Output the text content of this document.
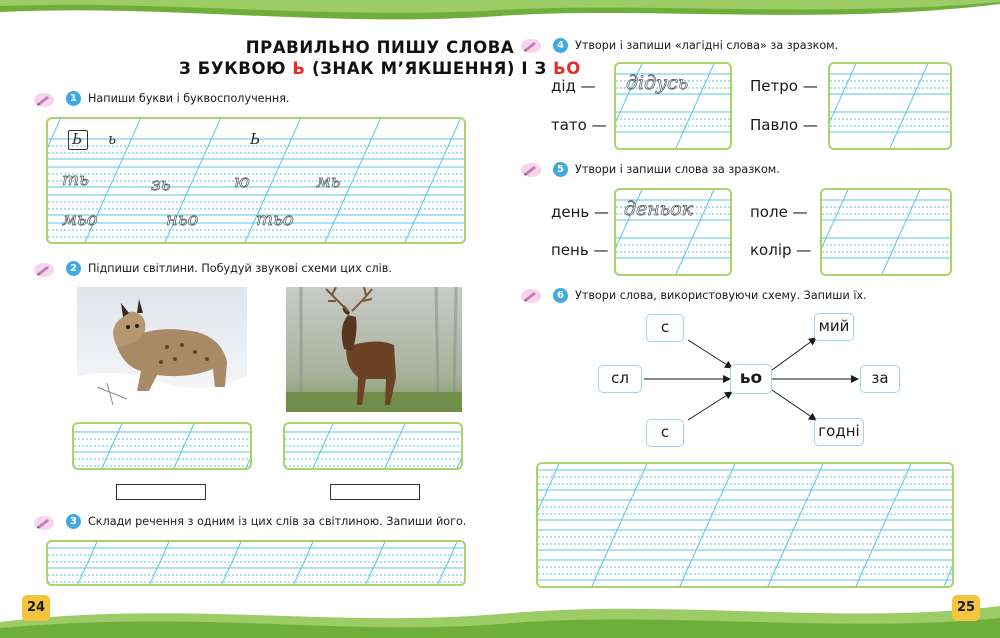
ПРАВИЛЬНО ПИШУ СЛОВА
З БУКВОЮ Ь (ЗНАК М’ЯКШЕННЯ) І З ЬО
1 Напиши букви і буквосполучення.
Ь ь	Ь
ть	зь	ю	мь
мьо	ньо	тьо
2 Підпиши світлини. Побудуй звукові схеми цих слів.
3 Склади речення з одним із цих слів за світлиною. Запиши його.
4 Утвори і запиши «лагідні слова» за зразком.
дід —
тато —
дідусь	Петро —
Павло —
5 Утвори і запиши слова за зразком.
день —
пень —
деньок	поле —
колір —
6 Утвори слова, використовуючи схему. Запиши їх.
с
сл
с
ьо
мий
за
годні
24	25
